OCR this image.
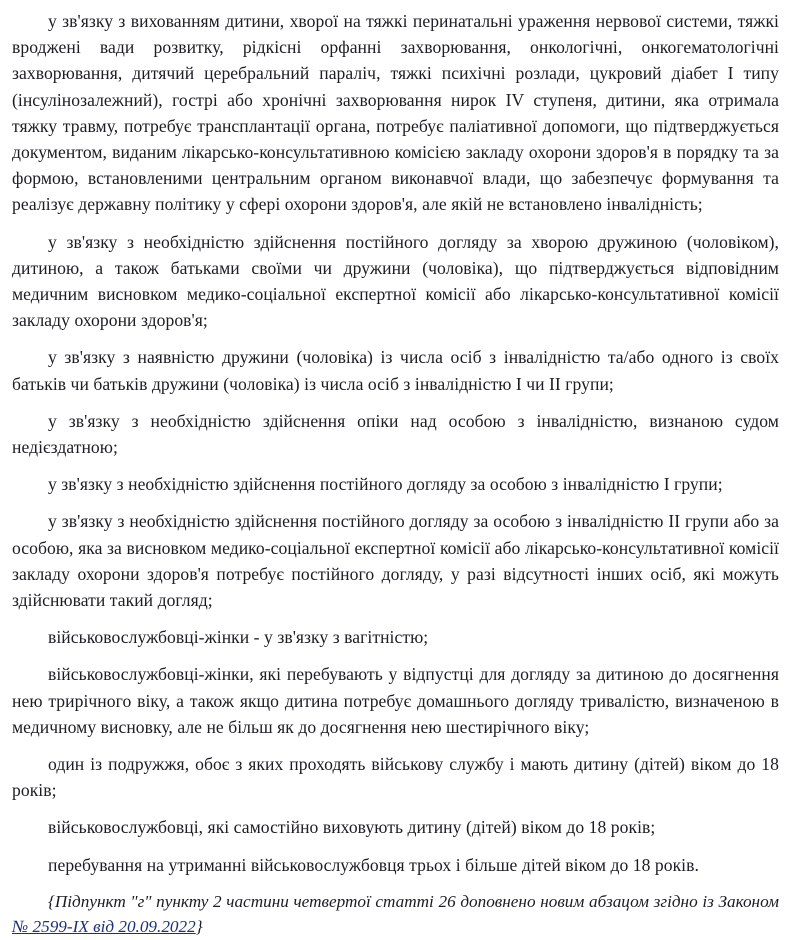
у зв'язку з вихованням дитини, хворої на тяжкі перинатальні ураження нервової системи, тяжкі вроджені вади розвитку, рідкісні орфанні захворювання, онкологічні, онкогематологічні захворювання, дитячий церебральний параліч, тяжкі психічні розлади, цукровий діабет I типу (інсулінозалежний), гострі або хронічні захворювання нирок IV ступеня, дитини, яка отримала тяжку травму, потребує трансплантації органа, потребує паліативної допомоги, що підтверджується документом, виданим лікарсько-консультативною комісією закладу охорони здоров'я в порядку та за формою, встановленими центральним органом виконавчої влади, що забезпечує формування та реалізує державну політику у сфері охорони здоров'я, але якій не встановлено інвалідність;

у зв'язку з необхідністю здійснення постійного догляду за хворою дружиною (чоловіком), дитиною, а також батьками своїми чи дружини (чоловіка), що підтверджується відповідним медичним висновком медико-соціальної експертної комісії або лікарсько-консультативної комісії закладу охорони здоров'я;

у зв'язку з наявністю дружини (чоловіка) із числа осіб з інвалідністю та/або одного із своїх батьків чи батьків дружини (чоловіка) із числа осіб з інвалідністю I чи II групи;

у зв'язку з необхідністю здійснення опіки над особою з інвалідністю, визнаною судом недієздатною;

у зв'язку з необхідністю здійснення постійного догляду за особою з інвалідністю I групи;

у зв'язку з необхідністю здійснення постійного догляду за особою з інвалідністю II групи або за особою, яка за висновком медико-соціальної експертної комісії або лікарсько-консультативної комісії закладу охорони здоров'я потребує постійного догляду, у разі відсутності інших осіб, які можуть здійснювати такий догляд;

військовослужбовці-жінки - у зв'язку з вагітністю;

військовослужбовці-жінки, які перебувають у відпустці для догляду за дитиною до досягнення нею трирічного віку, а також якщо дитина потребує домашнього догляду тривалістю, визначеною в медичному висновку, але не більш як до досягнення нею шестирічного віку;

один із подружжя, обоє з яких проходять військову службу і мають дитину (дітей) віком до 18 років;

військовослужбовці, які самостійно виховують дитину (дітей) віком до 18 років;

перебування на утриманні військовослужбовця трьох і більше дітей віком до 18 років.

{Підпункт "г" пункту 2 частини четвертої статті 26 доповнено новим абзацом згідно із Законом № 2599-IX від 20.09.2022}
